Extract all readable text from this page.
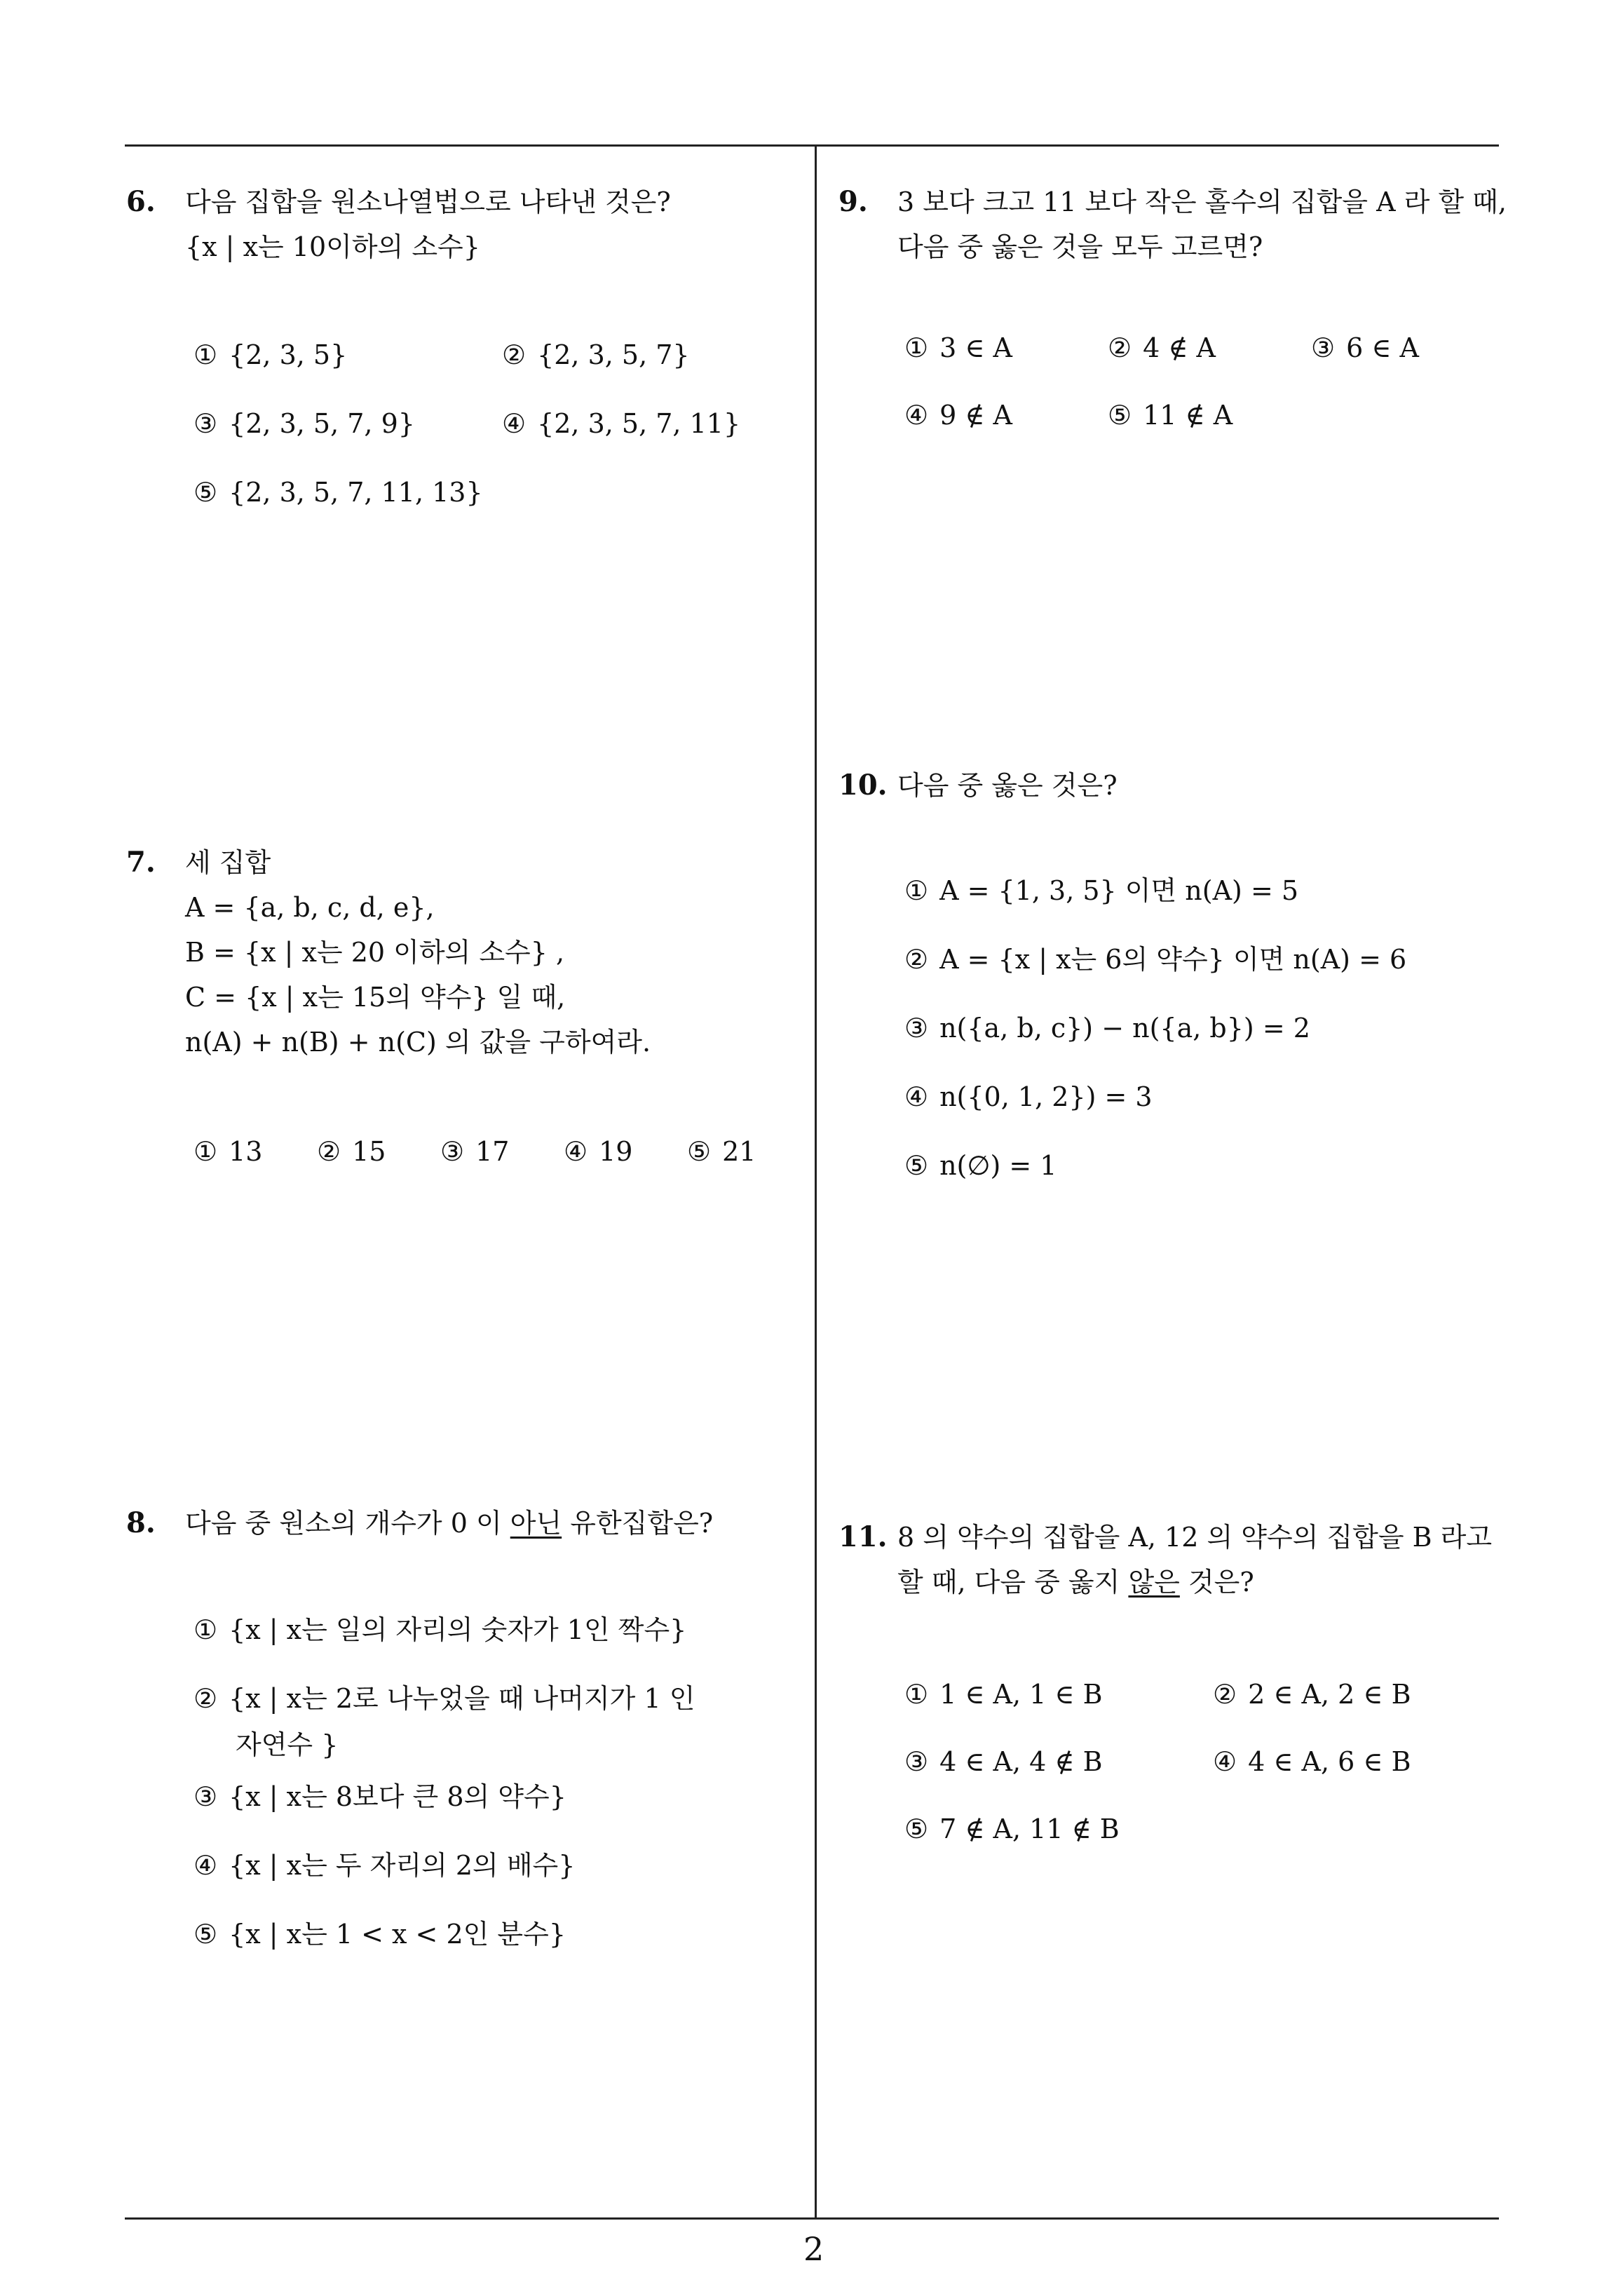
6. 다음 집합을 원소나열법으로 나타낸 것은?
{x | x는 10이하의 소수}
① {2, 3, 5}	② {2, 3, 5, 7}
③ {2, 3, 5, 7, 9}	④ {2, 3, 5, 7, 11}
⑤ {2, 3, 5, 7, 11, 13}
7. 세 집합
A = {a, b, c, d, e},
B = {x | x는 20 이하의 소수} ,
C = {x | x는 15의 약수} 일 때,
n(A) + n(B) + n(C) 의 값을 구하여라.
① 13 ② 15 ③ 17 ④ 19 ⑤ 21
8. 다음 중 원소의 개수가 0 이 아닌 유한집합은?
① {x | x는 일의 자리의 숫자가 1인 짝수}
② {x | x는 2로 나누었을 때 나머지가 1 인
자연수 }
③ {x | x는 8보다 큰 8의 약수}
④ {x | x는 두 자리의 2의 배수}
⑤ {x | x는 1 < x < 2인 분수}
9. 3 보다 크고 11 보다 작은 홀수의 집합을 A 라 할 때,
다음 중 옳은 것을 모두 고르면?
① 3 ∈ A	② 4 ∉ A	③ 6 ∈ A
④ 9 ∉ A	⑤ 11 ∉ A
10. 다음 중 옳은 것은?
① A = {1, 3, 5} 이면 n(A) = 5
② A = {x | x는 6의 약수} 이면 n(A) = 6
③ n({a, b, c}) − n({a, b}) = 2
④ n({0, 1, 2}) = 3
⑤ n(∅) = 1
11. 8 의 약수의 집합을 A, 12 의 약수의 집합을 B 라고
할 때, 다음 중 옳지 않은 것은?
① 1 ∈ A, 1 ∈ B	② 2 ∈ A, 2 ∈ B
③ 4 ∈ A, 4 ∉ B	④ 4 ∈ A, 6 ∈ B
⑤ 7 ∉ A, 11 ∉ B
2
